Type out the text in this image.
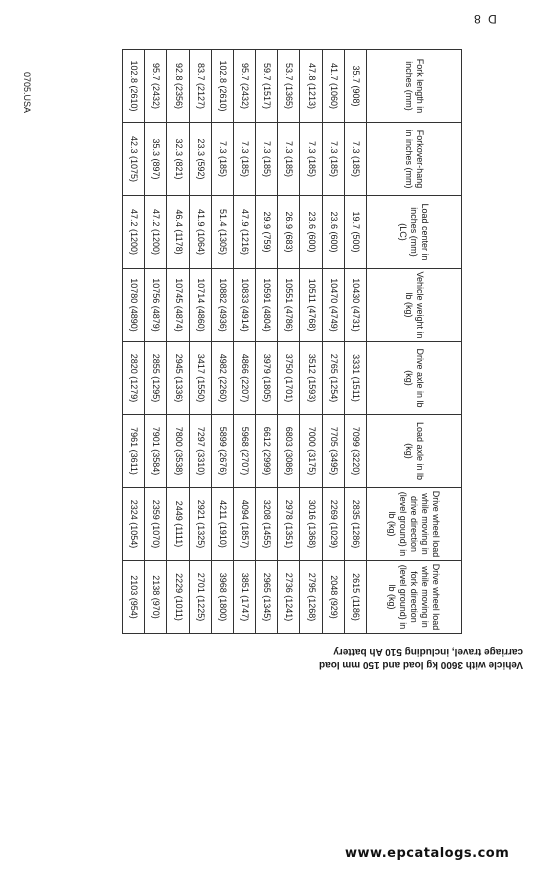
D 8
0705.USA	Fork length in inches (mm)	Forkover-hang in inches (mm)	Load center in inches (mm) (LC)	Vehicle weight in lb (kg)	Drive axle in lb (kg)	Load axle in lb (kg)	Drive wheel load while moving in drive direction (level ground) in lb (kg)	Drive wheel load while moving in fork direction (level ground) in lb (kg)
35.7 (908)	7.3 (185)	19.7 (500)	10430 (4731)	3331 (1511)	7099 (3220)	2835 (1286)	2615 (1186)
41.7 (1060)	7.3 (185)	23.6 (600)	10470 (4749)	2765 (1254)	7705 (3495)	2269 (1029)	2048 (929)
47.8 (1213)	7.3 (185)	23.6 (600)	10511 (4768)	3512 (1593)	7000 (3175)	3016 (1368)	2795 (1268)
53.7 (1365)	7.3 (185)	26.9 (683)	10551 (4786)	3750 (1701)	6803 (3086)	2978 (1351)	2736 (1241)
59.7 (1517)	7.3 (185)	29.9 (759)	10591 (4804)	3979 (1805)	6612 (2999)	3208 (1455)	2965 (1345)
95.7 (2432)	7.3 (185)	47.9 (1216)	10833 (4914)	4866 (2207)	5968 (2707)	4094 (1857)	3851 (1747)
102.8 (2610)	7.3 (185)	51.4 (1305)	10882 (4936)	4982 (2260)	5899 (2676)	4211 (1910)	3968 (1800)
83.7 (2127)	23.3 (592)	41.9 (1064)	10714 (4860)	3417 (1550)	7297 (3310)	2921 (1325)	2701 (1225)
92.8 (2356)	32.3 (821)	46.4 (1178)	10745 (4874)	2945 (1336)	7800 (3538)	2449 (1111)	2229 (1011)
95.7 (2432)	35.3 (897)	47.2 (1200)	10756 (4879)	2855 (1295)	7901 (3584)	2359 (1070)	2138 (970)
102.8 (2610)	42.3 (1075)	47.2 (1200)	10780 (4890)	2820 (1279)	7961 (3611)	2324 (1054)	2103 (954)
Vehicle with 3600 kg load and 150 mm load carriage travel, including 510 Ah battery
www.epcatalogs.com
